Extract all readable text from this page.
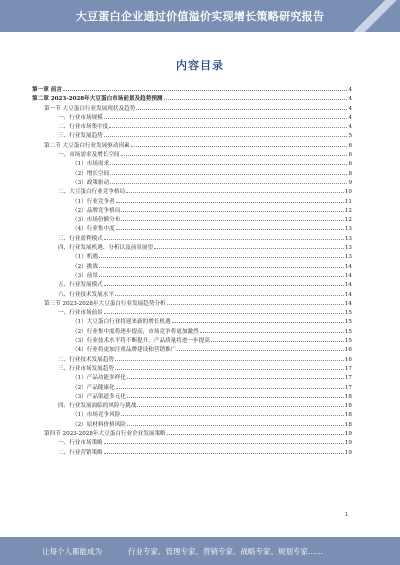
大豆蛋白企业通过价值溢价实现增长策略研究报告
内容目录
第一章 前言	4
第二章 2023-2028年大豆蛋白市场前景及趋势预测	4
第一节 大豆蛋白行业发展现状及趋势	4
一、行业市场规模	4
二、行业市场集中度	4
三、行业发展趋势	5
第二节 大豆蛋白行业发展驱动因素	6
一、市场需求及增长空间	6
（1）市场需求	6
（2）增长空间	8
（3）政策驱动	9
二、大豆蛋白行业竞争格局	10
（1）行业竞争者	11
（2）品牌竞争格局	12
（3）市场份额分布	12
（4）行业集中度	13
三、行业盈利模式	13
四、行业发展机遇、分析以及前景展望	13
（1）机遇	13
（2）挑战	14
（3）前景	14
五、行业发展模式	14
六、行业技术发展水平	14
第三节 2023-2028年大豆蛋白行业发展趋势分析	14
一、行业市场前景	15
（1）大豆蛋白行业将迎来新的增长机遇	15
（2）行业集中度将逐步提高，市场竞争将更加激烈	15
（3）行业技术水平将不断提升，产品质量将进一步提高	15
（4）行业将更加注重品牌建设和营销推广	16
二、行业技术发展趋势	16
三、行业市场发展趋势	17
（1）产品功能多样化	17
（2）产品健康化	17
（3）产品渠道多元化	18
四、行业发展面临的风险与挑战	18
（1）市场竞争风险	18
（2）原材料价格风险	18
第四节 2023-2028年大豆蛋白行业企业发展策略	19
一、行业市场策略	19
二、行业营销策略	19
1
让每个人都能成为	行业专家、管理专家、营销专家、战略专家、规划专家……
